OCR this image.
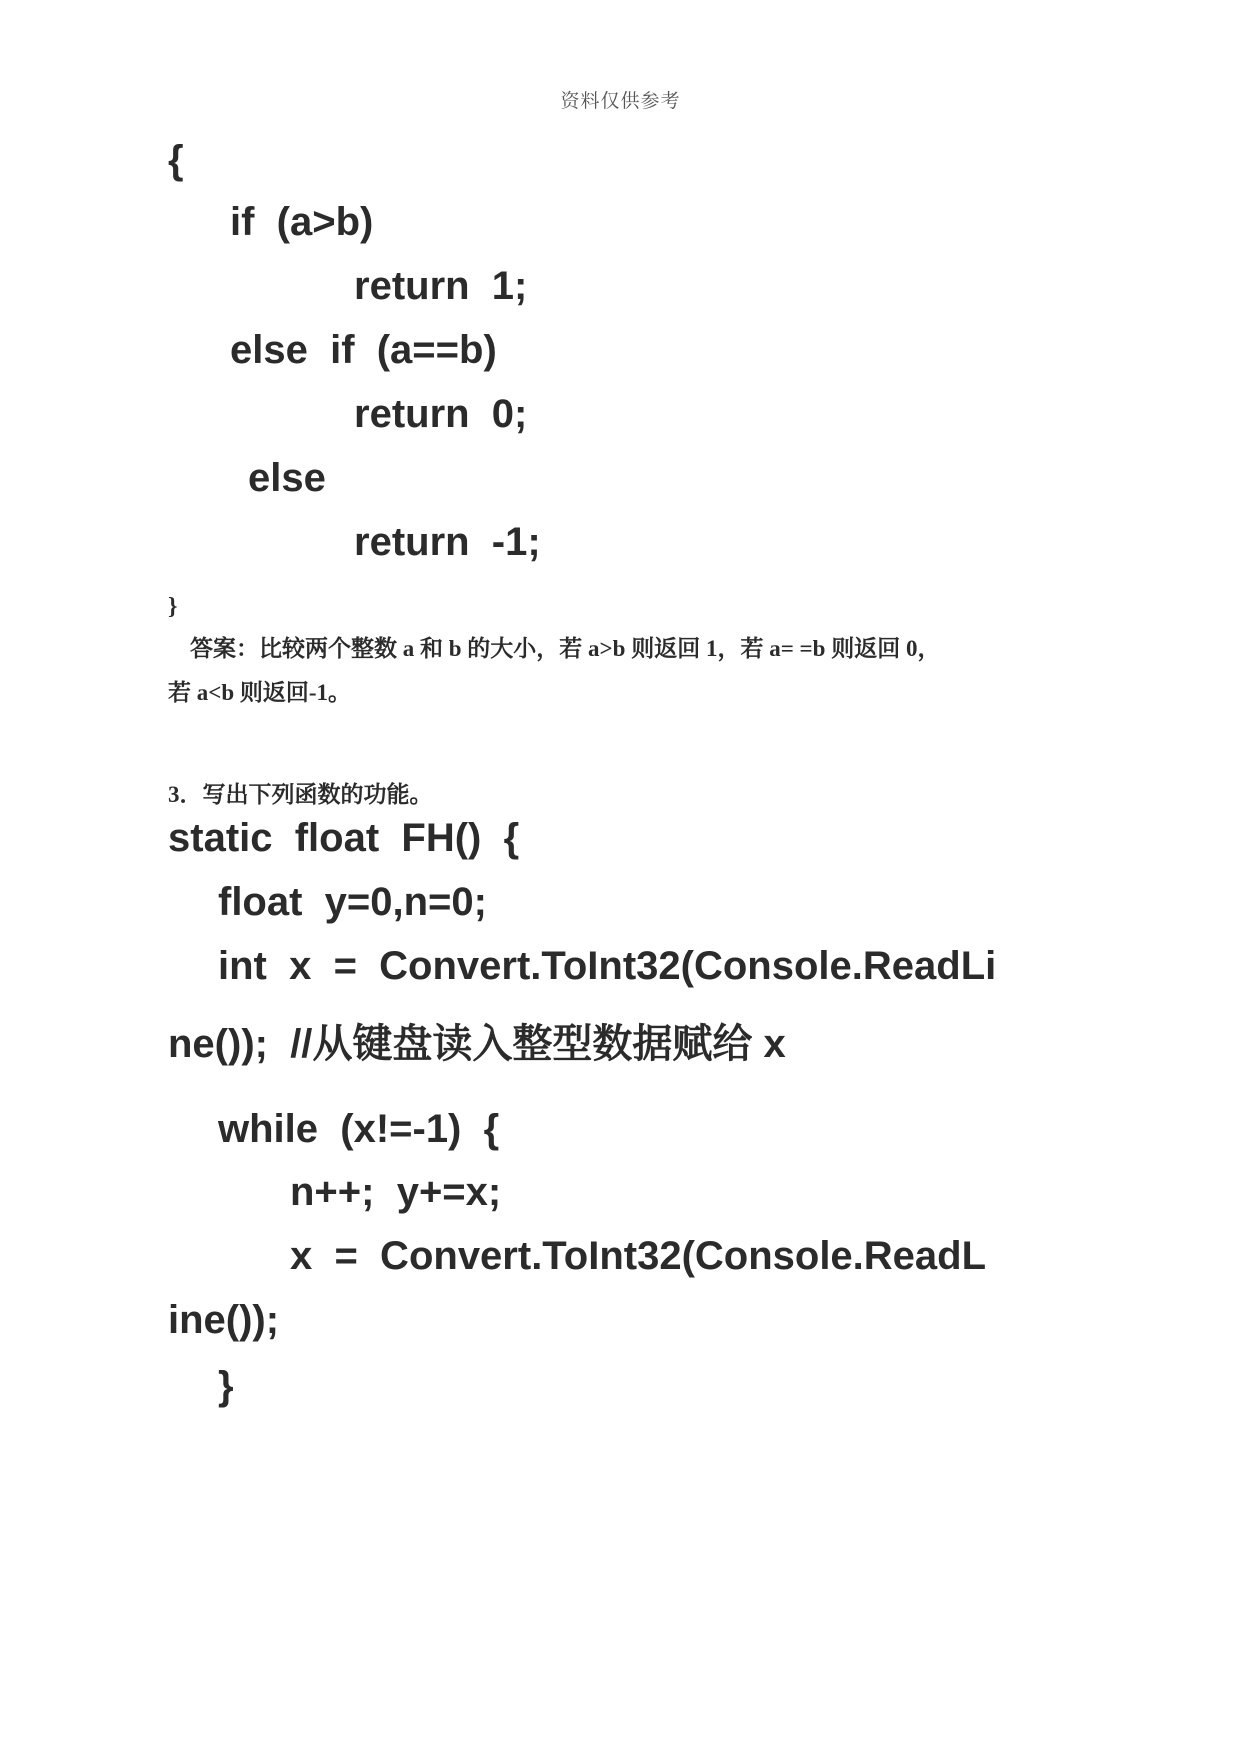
资料仅供参考
{
if  (a>b)
return  1;
else  if  (a==b)
return  0;
else
return  -1;
}
答案：比较两个整数 a 和 b 的大小，若 a>b 则返回 1，若 a= =b 则返回 0，
若 a<b 则返回-1。
3．写出下列函数的功能。
static  float  FH()  {
float  y=0,n=0;
int  x  =  Convert.ToInt32(Console.ReadLi
ne());  //从键盘读入整型数据赋给 x
while  (x!=-1)  {
n++;  y+=x;
x  =  Convert.ToInt32(Console.ReadL
ine());
}
